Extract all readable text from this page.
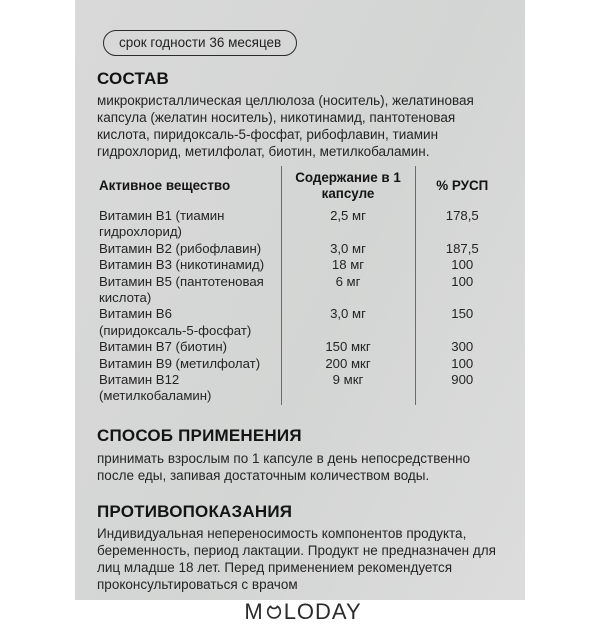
срок годности 36 месяцев
СОСТАВ
микрокристаллическая целлюлоза (носитель), желатиновая капсула (желатин носитель), никотинамид, пантотеновая кислота, пиридоксаль-5-фосфат, рибофлавин, тиамин гидрохлорид, метилфолат, биотин, метилкобаламин.
Активное вещество	Содержание в 1 капсуле	% РУСП
Витамин B1 (тиамин гидрохлорид)	2,5 мг	178,5
Витамин B2 (рибофлавин)	3,0 мг	187,5
Витамин B3 (никотинамид)	18 мг	100
Витамин B5 (пантотеновая кислота)	6 мг	100
Витамин B6 (пиридоксаль-5-фосфат)	3,0 мг	150
Витамин B7 (биотин)	150 мкг	300
Витамин B9 (метилфолат)	200 мкг	100
Витамин B12 (метилкобаламин)	9 мкг	900
СПОСОБ ПРИМЕНЕНИЯ
принимать взрослым по 1 капсуле в день непосредственно после еды, запивая достаточным количеством воды.
ПРОТИВОПОКАЗАНИЯ
Индивидуальная непереносимость компонентов продукта, беременность, период лактации. Продукт не предназначен для лиц младше 18 лет. Перед применением рекомендуется проконсультироваться с врачом
M LODAY
